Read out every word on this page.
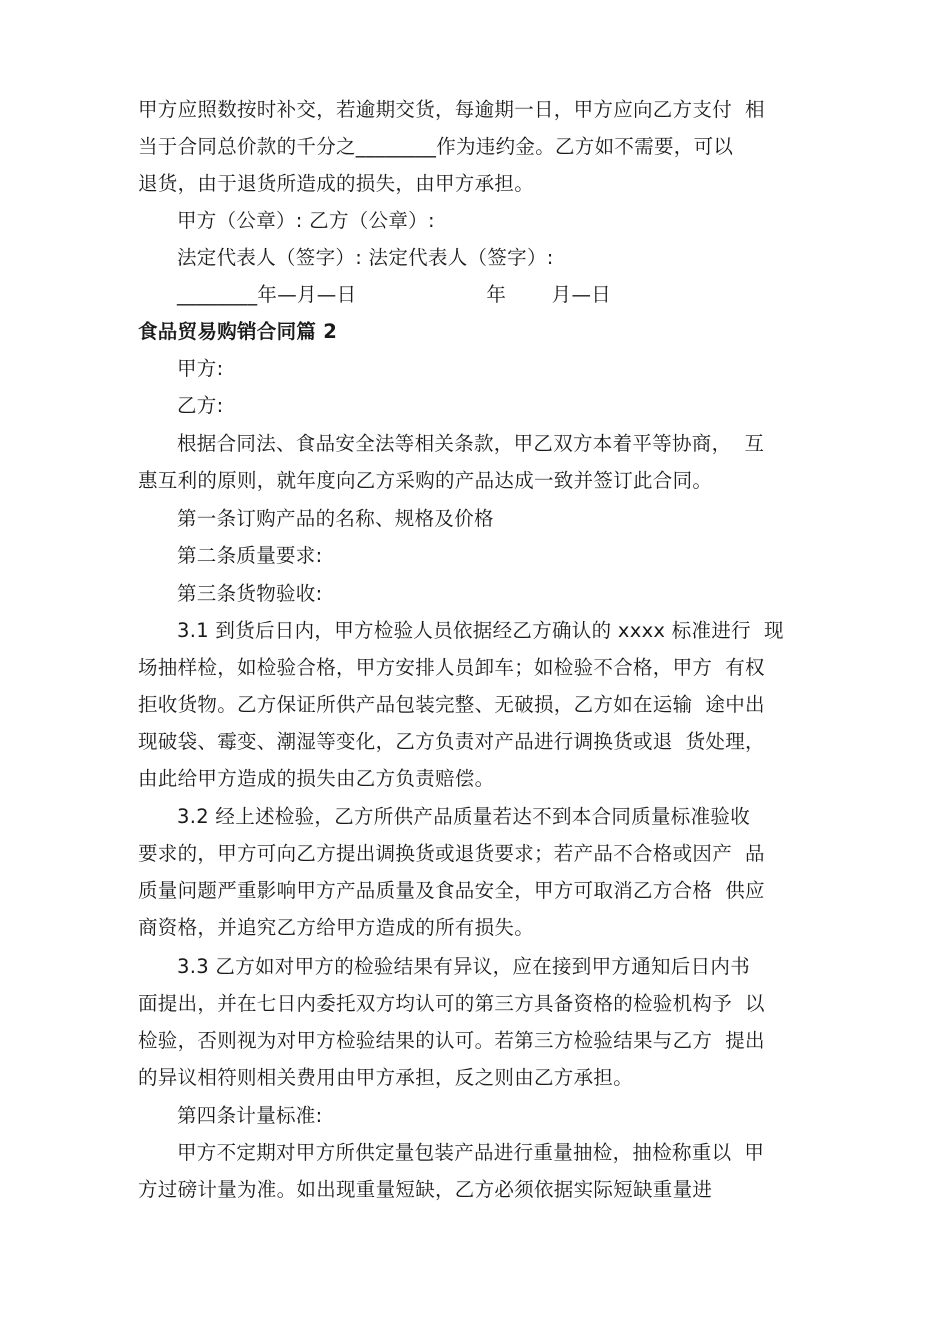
甲方应照数按时补交，若逾期交货，每逾期一日，甲方应向乙方支付  相
当于合同总价款的千分之________作为违约金。乙方如不需要，可以
退货，由于退货所造成的损失，由甲方承担。
甲方（公章）: 乙方（公章）:
法定代表人（签字）: 法定代表人（签字）:
________年—月—日                    年       月—日
食品贸易购销合同篇 2
甲方:
乙方:
根据合同法、食品安全法等相关条款，甲乙双方本着平等协商，  互
惠互利的原则，就年度向乙方采购的产品达成一致并签订此合同。
第一条订购产品的名称、规格及价格
第二条质量要求:
第三条货物验收:
3.1 到货后日内，甲方检验人员依据经乙方确认的 xxxx 标准进行  现
场抽样检，如检验合格，甲方安排人员卸车；如检验不合格，甲方  有权
拒收货物。乙方保证所供产品包装完整、无破损，乙方如在运输  途中出
现破袋、霉变、潮湿等变化，乙方负责对产品进行调换货或退  货处理，
由此给甲方造成的损失由乙方负责赔偿。
3.2 经上述检验，乙方所供产品质量若达不到本合同质量标准验收
要求的，甲方可向乙方提出调换货或退货要求；若产品不合格或因产  品
质量问题严重影响甲方产品质量及食品安全，甲方可取消乙方合格  供应
商资格，并追究乙方给甲方造成的所有损失。
3.3 乙方如对甲方的检验结果有异议，应在接到甲方通知后日内书
面提出，并在七日内委托双方均认可的第三方具备资格的检验机构予  以
检验，否则视为对甲方检验结果的认可。若第三方检验结果与乙方  提出
的异议相符则相关费用由甲方承担，反之则由乙方承担。
第四条计量标准:
甲方不定期对甲方所供定量包装产品进行重量抽检，抽检称重以  甲
方过磅计量为准。如出现重量短缺，乙方必须依据实际短缺重量进
